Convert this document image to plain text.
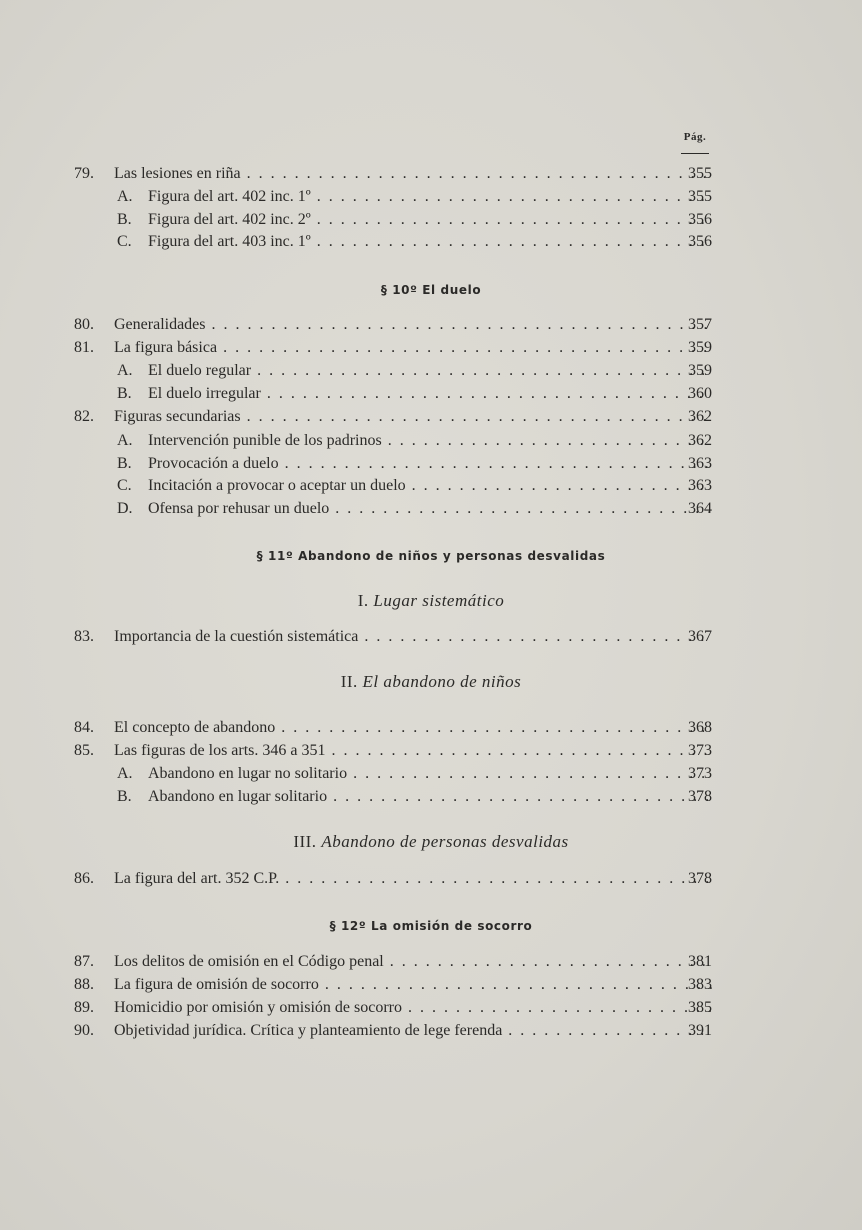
Pág.
79.	Las lesiones en riña . . .	355
A. Figura del art. 402 inc. 1º . . .	355
B.	Figura del art. 402 inc. 2º . . .	356
C.	Figura del art. 403 inc. 1º . . .	356
§ 10º El duelo
80.	Generalidades . . .	357
81.	La figura básica . . .	359
A. El duelo regular . . .	359
B.	El duelo irregular . . .	360
82.	Figuras secundarias . . .	362
A. Intervención punible de los padrinos . . .	362
B.	Provocación a duelo . . .	363
C.	Incitación a provocar o aceptar un duelo . . .	363
D. Ofensa por rehusar un duelo . . .	364
§ 11º Abandono de niños y personas desvalidas
I. Lugar sistemático
83.	Importancia de la cuestión sistemática . . .	367
II. El abandono de niños
84.	El concepto de abandono . . .	368
85.	Las figuras de los arts. 346 a 351 . . .	373
A. Abandono en lugar no solitario . . .	373
B.	Abandono en lugar solitario . . .	378
III. Abandono de personas desvalidas
86.	La figura del art. 352 C.P. . . .	378
§ 12º La omisión de socorro
87.	Los delitos de omisión en el Código penal . . .	381
88.	La figura de omisión de socorro . . .	383
89.	Homicidio por omisión y omisión de socorro . . .	385
90.	Objetividad jurídica. Crítica y planteamiento de lege ferenda . . .	391
